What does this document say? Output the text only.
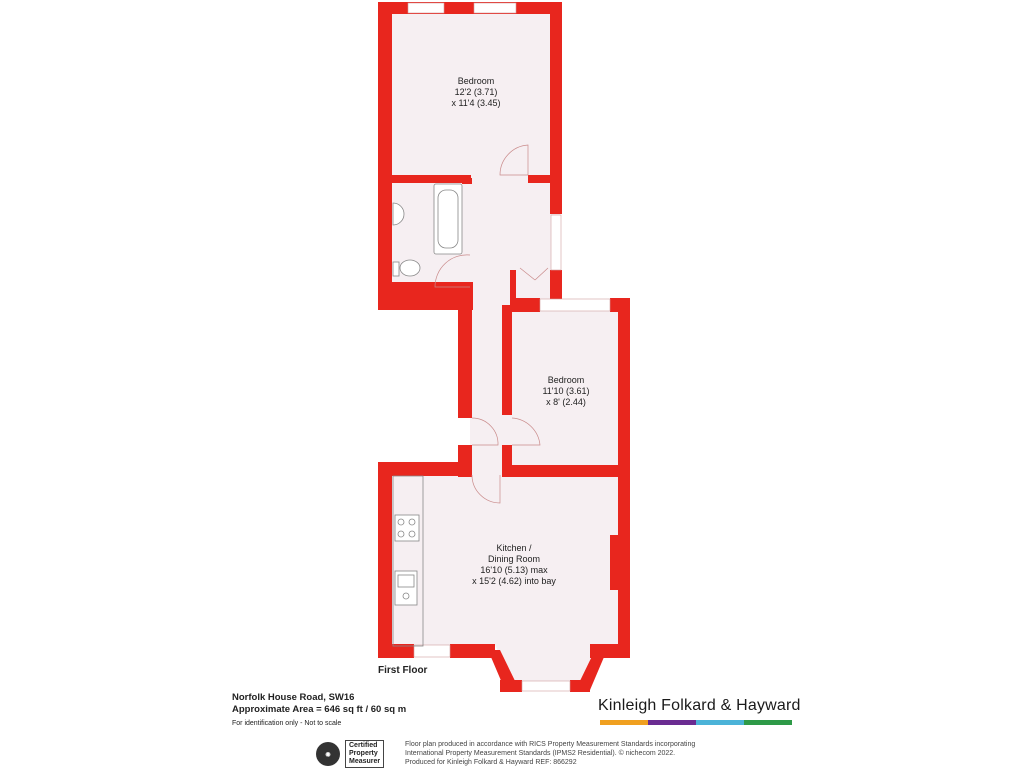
Bedroom
12'2 (3.71)
x 11'4 (3.45)
Bedroom
11'10 (3.61)
x 8' (2.44)
Kitchen /
Dining Room
16'10 (5.13) max
x 15'2 (4.62) into bay
First Floor
Norfolk House Road, SW16
Approximate Area = 646 sq ft / 60 sq m
For identification only - Not to scale
Kinleigh Folkard & Hayward
◉
Certified
Property
Measurer
RICS
Floor plan produced in accordance with RICS Property Measurement Standards incorporating
International Property Measurement Standards (IPMS2 Residential). © nichecom 2022.
Produced for Kinleigh Folkard & Hayward REF: 866292
